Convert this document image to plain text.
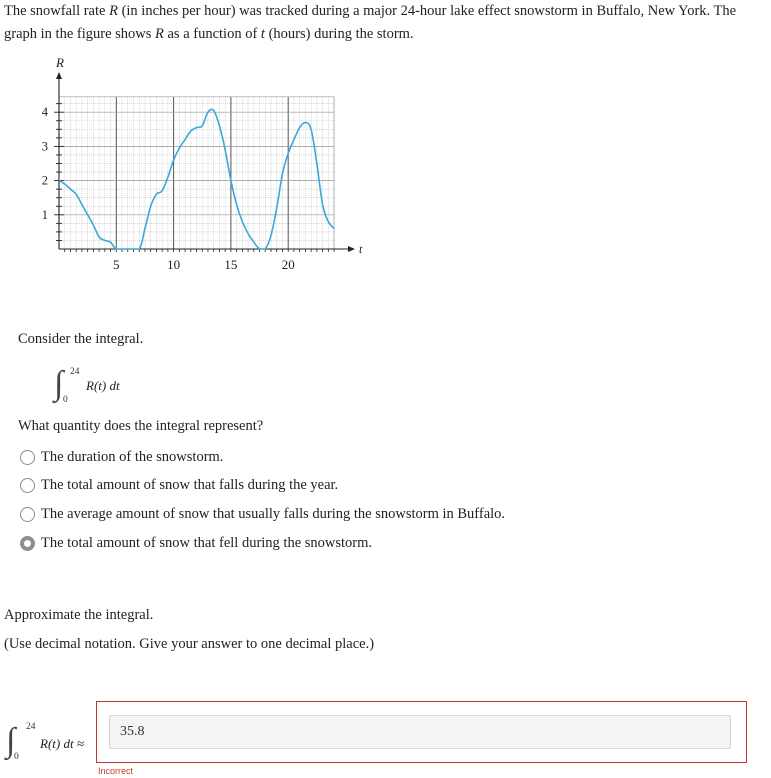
The snowfall rate R (in inches per hour) was tracked during a major 24-hour lake effect snowstorm in Buffalo, New York. The graph in the figure shows R as a function of t (hours) during the storm.
R
t
1
2
3
4
5	10	15	20
Consider the integral.
∫ 24
0
R(t) dt
What quantity does the integral represent?
The duration of the snowstorm.
The total amount of snow that falls during the year.
The average amount of snow that usually falls during the snowstorm in Buffalo.
The total amount of snow that fell during the snowstorm.
Approximate the integral.
(Use decimal notation. Give your answer to one decimal place.)
∫ 24
0
R(t) dt ≈
35.8
Incorrect
